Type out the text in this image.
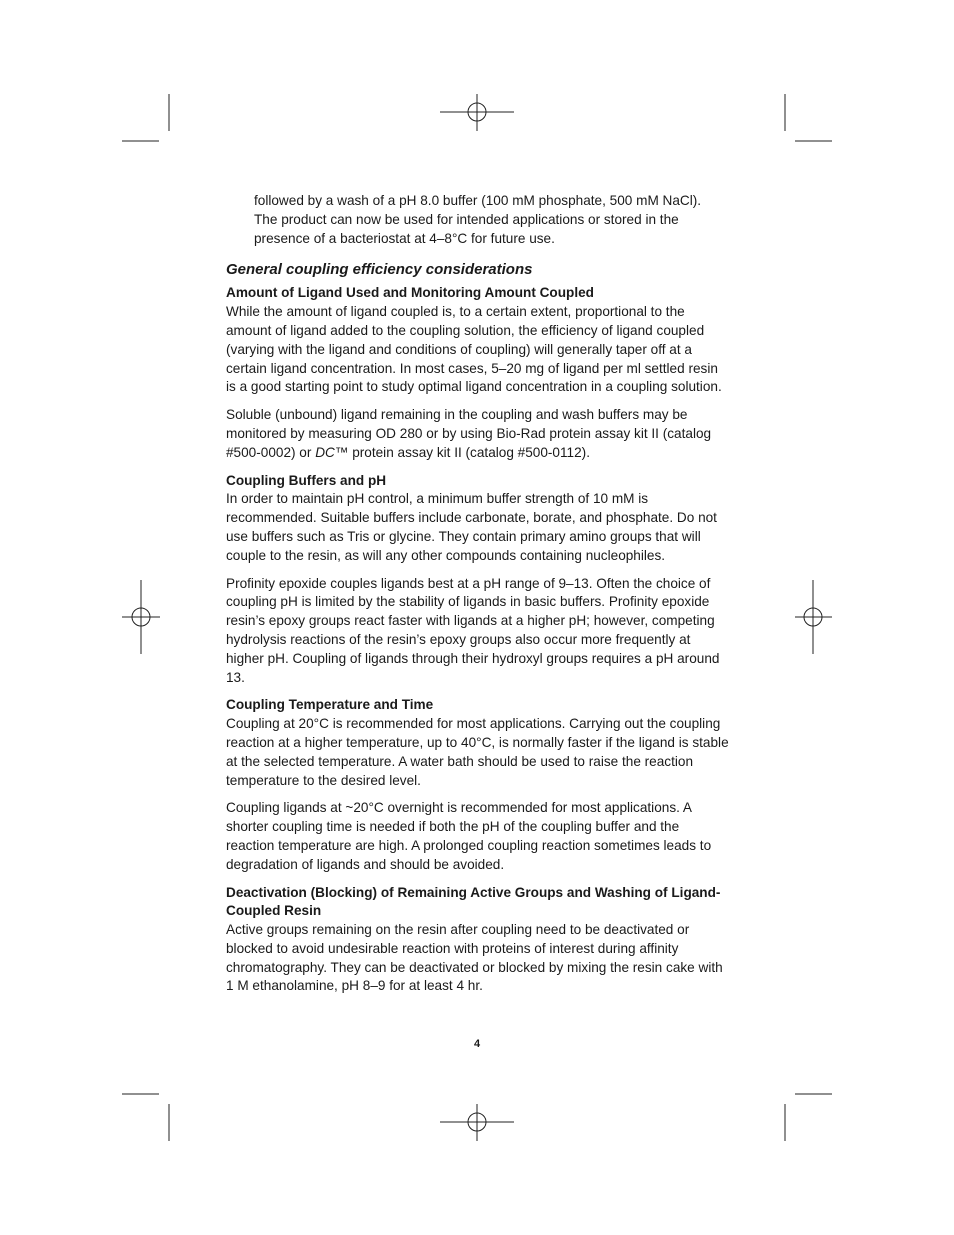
followed by a wash of a pH 8.0 buffer (100 mM phosphate, 500 mM NaCl).

The product can now be used for intended applications or stored in the

presence of a bacteriostat at 4–8°C for future use.

General coupling efficiency considerations

Amount of Ligand Used and Monitoring Amount Coupled

While the amount of ligand coupled is, to a certain extent, proportional to the amount of ligand added to the coupling solution, the efficiency of ligand coupled (varying with the ligand and conditions of coupling) will generally taper off at a certain ligand concentration. In most cases, 5–20 mg of ligand per ml settled resin is a good starting point to study optimal ligand concentration in a coupling solution.

Soluble (unbound) ligand remaining in the coupling and wash buffers may be monitored by measuring OD 280 or by using Bio-Rad protein assay kit II (catalog #500-0002) or DC™ protein assay kit II (catalog #500-0112).

Coupling Buffers and pH

In order to maintain pH control, a minimum buffer strength of 10 mM is recommended. Suitable buffers include carbonate, borate, and phosphate. Do not use buffers such as Tris or glycine. They contain primary amino groups that will couple to the resin, as will any other compounds containing nucleophiles.

Profinity epoxide couples ligands best at a pH range of 9–13. Often the choice of coupling pH is limited by the stability of ligands in basic buffers. Profinity epoxide resin’s epoxy groups react faster with ligands at a higher pH; however, competing hydrolysis reactions of the resin’s epoxy groups also occur more frequently at higher pH. Coupling of ligands through their hydroxyl groups requires a pH around 13.

Coupling Temperature and Time

Coupling at 20°C is recommended for most applications. Carrying out the coupling reaction at a higher temperature, up to 40°C, is normally faster if the ligand is stable at the selected temperature. A water bath should be used to raise the reaction temperature to the desired level.

Coupling ligands at ~20°C overnight is recommended for most applications. A shorter coupling time is needed if both the pH of the coupling buffer and the reaction temperature are high. A prolonged coupling reaction sometimes leads to degradation of ligands and should be avoided.

Deactivation (Blocking) of Remaining Active Groups and Washing of Ligand-Coupled Resin

Active groups remaining on the resin after coupling need to be deactivated or blocked to avoid undesirable reaction with proteins of interest during affinity chromatography. They can be deactivated or blocked by mixing the resin cake with 1 M ethanolamine, pH 8–9 for at least 4 hr.

4
